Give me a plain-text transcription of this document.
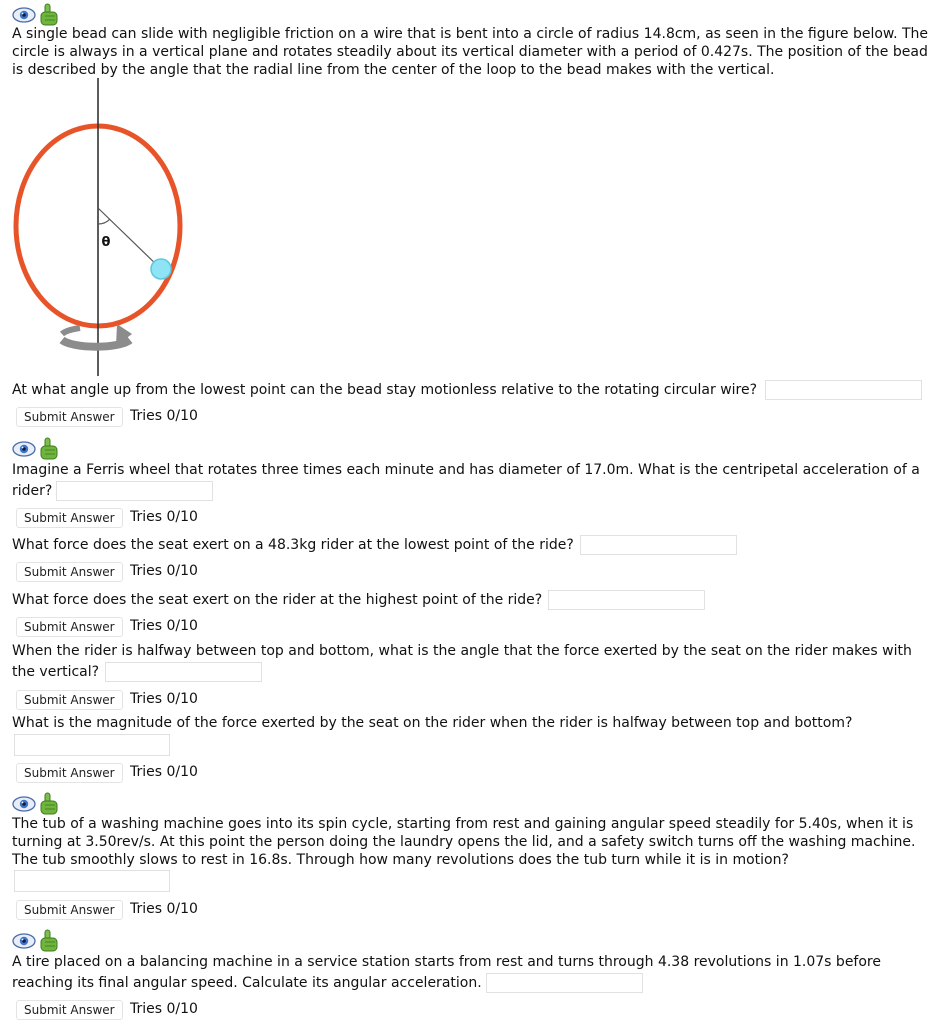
A single bead can slide with negligible friction on a wire that is bent into a circle of radius 14.8cm, as seen in the figure below. The circle is always in a vertical plane and rotates steadily about its vertical diameter with a period of 0.427s. The position of the bead is described by the angle that the radial line from the center of the loop to the bead makes with the vertical.
θ
At what angle up from the lowest point can the bead stay motionless relative to the rotating circular wire?
Submit Answer	Tries 0/10
Imagine a Ferris wheel that rotates three times each minute and has diameter of 17.0m. What is the centripetal acceleration of a rider?
Submit Answer	Tries 0/10
What force does the seat exert on a 48.3kg rider at the lowest point of the ride?
Submit Answer	Tries 0/10
What force does the seat exert on the rider at the highest point of the ride?
Submit Answer	Tries 0/10
When the rider is halfway between top and bottom, what is the angle that the force exerted by the seat on the rider makes with the vertical?
Submit Answer	Tries 0/10
What is the magnitude of the force exerted by the seat on the rider when the rider is halfway between top and bottom?
Submit Answer	Tries 0/10
The tub of a washing machine goes into its spin cycle, starting from rest and gaining angular speed steadily for 5.40s, when it is turning at 3.50rev/s. At this point the person doing the laundry opens the lid, and a safety switch turns off the washing machine. The tub smoothly slows to rest in 16.8s. Through how many revolutions does the tub turn while it is in motion?
Submit Answer	Tries 0/10
A tire placed on a balancing machine in a service station starts from rest and turns through 4.38 revolutions in 1.07s before reaching its final angular speed. Calculate its angular acceleration.
Submit Answer	Tries 0/10
